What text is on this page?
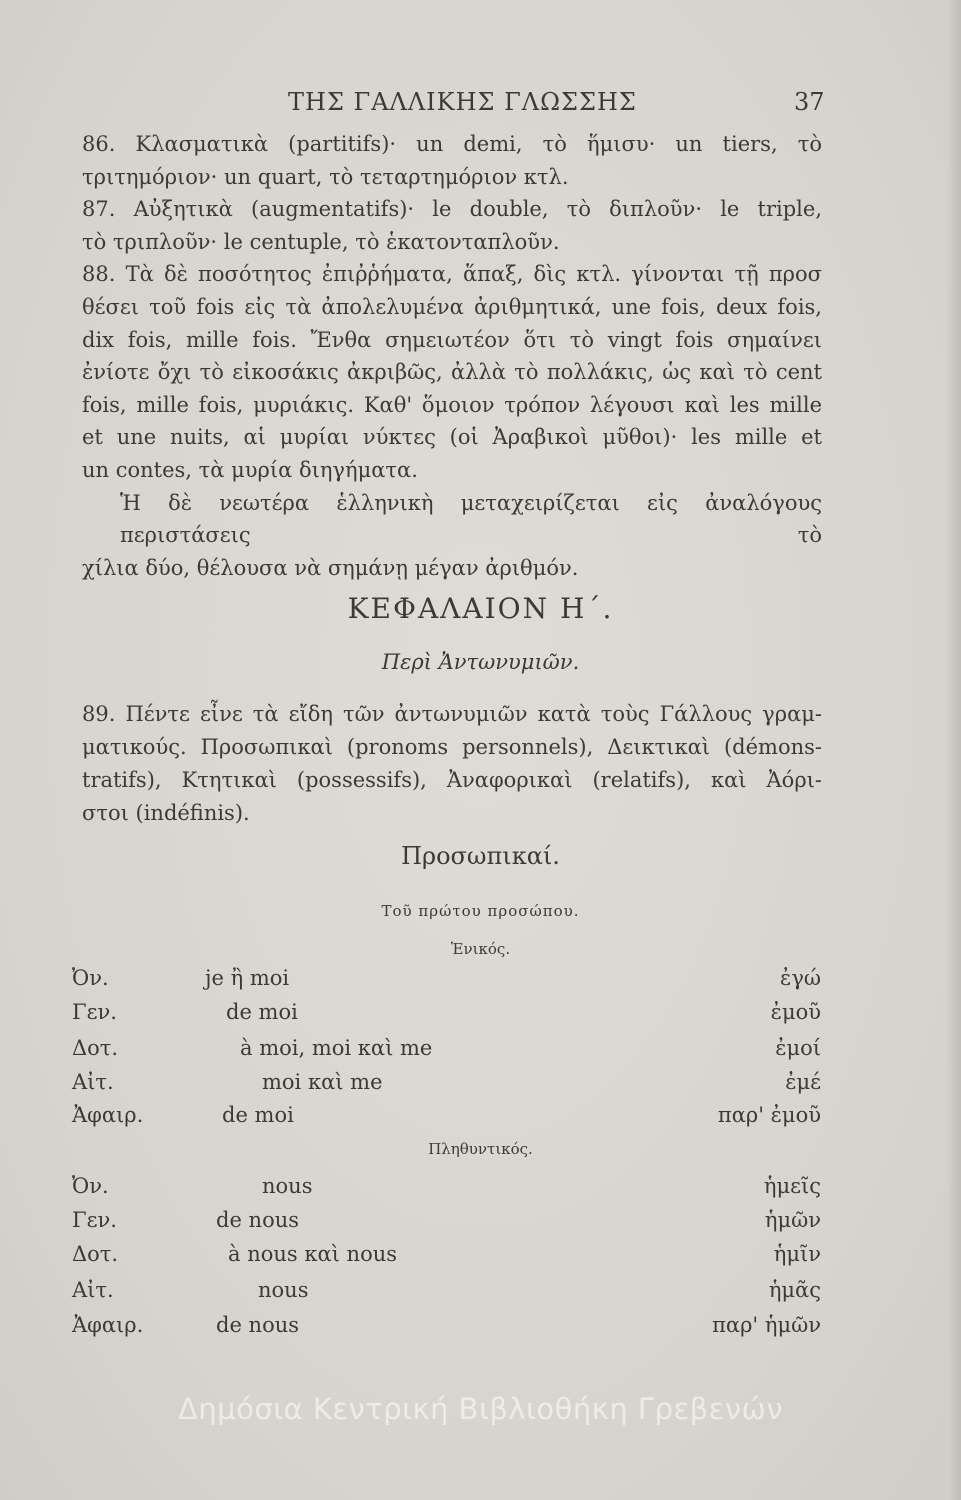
ΤΗΣ ΓΑΛΛΙΚΗΣ ΓΛΩΣΣΗΣ	37
86. Κλασματικὰ (partitifs)· un demi, τὸ ἥμισυ· un tiers, τὸ
τριτημόριον· un quart, τὸ τεταρτημόριον κτλ.
87. Αὐξητικὰ (augmentatifs)· le double, τὸ διπλοῦν· le triple,
τὸ τριπλοῦν· le centuple, τὸ ἑκατονταπλοῦν.
88. Τὰ δὲ ποσότητος ἐπιῤῥήματα, ἅπαξ, δὶς κτλ. γίνονται τῇ προσ
θέσει τοῦ fois εἰς τὰ ἀπολελυμένα ἀριθμητικά, une fois, deux fois,
dix fois, mille fois. Ἔνθα σημειωτέον ὅτι τὸ vingt fois σημαίνει
ἐνίοτε ὄχι τὸ εἰκοσάκις ἀκριβῶς, ἀλλὰ τὸ πολλάκις, ὡς καὶ τὸ cent
fois, mille fois, μυριάκις. Καθ' ὅμοιον τρόπον λέγουσι καὶ les mille
et une nuits, αἱ μυρίαι νύκτες (οἱ Ἀραβικοὶ μῦθοι)· les mille et
un contes, τὰ μυρία διηγήματα.
Ἡ δὲ νεωτέρα ἑλληνικὴ μεταχειρίζεται εἰς ἀναλόγους περιστάσεις τὸ
χίλια δύο, θέλουσα νὰ σημάνῃ μέγαν ἀριθμόν.
ΚΕΦΑΛΑΙΟΝ Η΄.
Περὶ Ἀντωνυμιῶν.
89. Πέντε εἶνε τὰ εἴδη τῶν ἀντωνυμιῶν κατὰ τοὺς Γάλλους γραμ-
ματικούς. Προσωπικαὶ (pronoms personnels), Δεικτικαὶ (démons-
tratifs), Κτητικαὶ (possessifs), Ἀναφορικαὶ (relatifs), καὶ Ἀόρι-
στοι (indéfinis).
Προσωπικαί.
Τοῦ πρώτου προσώπου.
Ἑνικός.
Ὀν.	je ἢ moi	ἐγώ
Γεν.	de moi	ἐμοῦ
Δοτ.	à moi, moi καὶ me	ἐμοί
Αἰτ.	moi καὶ me	ἐμέ
Ἀφαιρ.	de moi	παρ' ἐμοῦ
Πληθυντικός.
Ὀν.	nous	ἡμεῖς
Γεν.	de nous	ἡμῶν
Δοτ.	à nous καὶ nous	ἡμῖν
Αἰτ.	nous	ἡμᾶς
Ἀφαιρ.	de nous	παρ' ἡμῶν
Δημόσια Κεντρική Βιβλιοθήκη Γρεβενών
